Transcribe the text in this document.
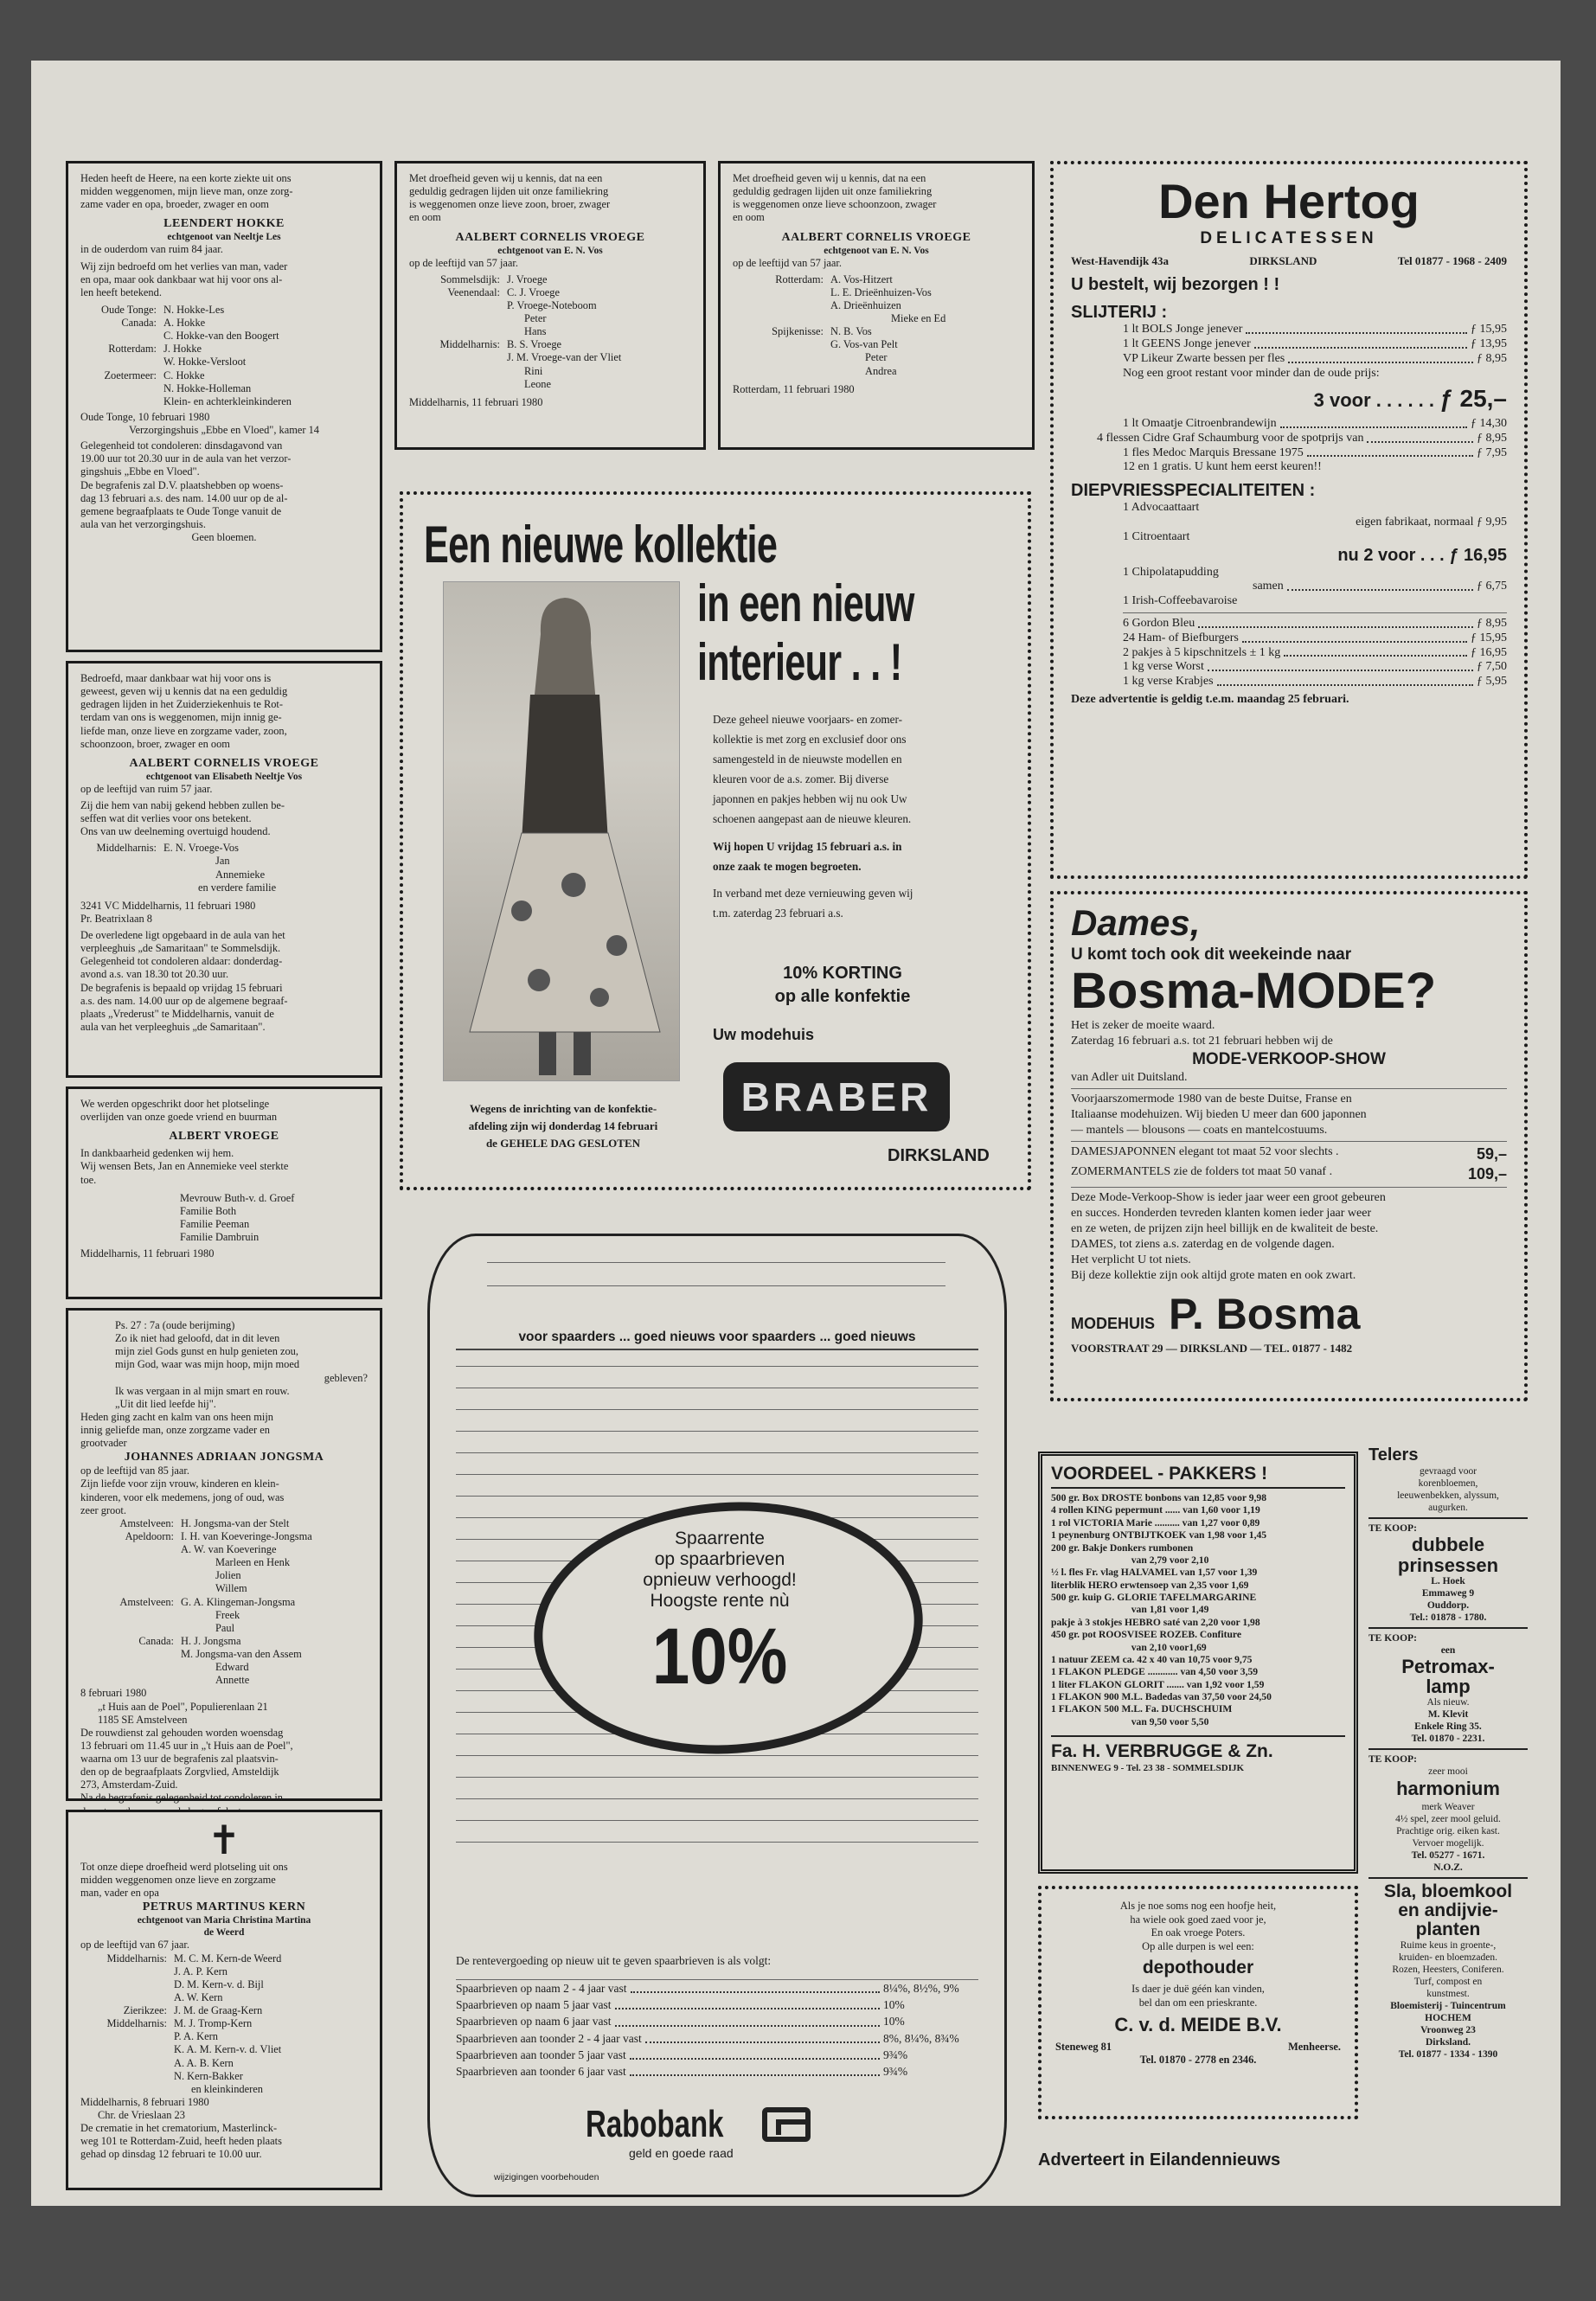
Heden heeft de Heere, na een korte ziekte uit ons
midden weggenomen, mijn lieve man, onze zorg-
zame vader en opa, broeder, zwager en oom
LEENDERT HOKKE
echtgenoot van Neeltje Les
in de ouderdom van ruim 84 jaar.
Wij zijn bedroefd om het verlies van man, vader
en opa, maar ook dankbaar wat hij voor ons al-
len heeft betekend.
Oude Tonge: N. Hokke-Les
Canada: A. Hokke
C. Hokke-van den Boogert
Rotterdam: J. Hokke
W. Hokke-Versloot
Zoetermeer: C. Hokke
N. Hokke-Holleman
Klein- en achterkleinkinderen
Oude Tonge, 10 februari 1980
Verzorgingshuis „Ebbe en Vloed", kamer 14
Gelegenheid tot condoleren: dinsdagavond van
19.00 uur tot 20.30 uur in de aula van het verzor-
gingshuis „Ebbe en Vloed".
De begrafenis zal D.V. plaatshebben op woens-
dag 13 februari a.s. des nam. 14.00 uur op de al-
gemene begraafplaats te Oude Tonge vanuit de
aula van het verzorgingshuis.
Geen bloemen.
Bedroefd, maar dankbaar wat hij voor ons is
geweest, geven wij u kennis dat na een geduldig
gedragen lijden in het Zuiderziekenhuis te Rot-
terdam van ons is weggenomen, mijn innig ge-
liefde man, onze lieve en zorgzame vader, zoon,
schoonzoon, broer, zwager en oom
AALBERT CORNELIS VROEGE
echtgenoot van Elisabeth Neeltje Vos
op de leeftijd van ruim 57 jaar.
Zij die hem van nabij gekend hebben zullen be-
seffen wat dit verlies voor ons betekent.
Ons van uw deelneming overtuigd houdend.
Middelharnis: E. N. Vroege-Vos
Jan
Annemieke
en verdere familie
3241 VC Middelharnis, 11 februari 1980
Pr. Beatrixlaan 8
De overledene ligt opgebaard in de aula van het
verpleeghuis „de Samaritaan" te Sommelsdijk.
Gelegenheid tot condoleren aldaar: donderdag-
avond a.s. van 18.30 tot 20.30 uur.
De begrafenis is bepaald op vrijdag 15 februari
a.s. des nam. 14.00 uur op de algemene begraaf-
plaats „Vrederust" te Middelharnis, vanuit de
aula van het verpleeghuis „de Samaritaan".
We werden opgeschrikt door het plotselinge
overlijden van onze goede vriend en buurman
ALBERT VROEGE
In dankbaarheid gedenken wij hem.
Wij wensen Bets, Jan en Annemieke veel sterkte
toe.
Mevrouw Buth-v. d. Groef
Familie Both
Familie Peeman
Familie Dambruin
Middelharnis, 11 februari 1980
Ps. 27 : 7a (oude berijming)
Zo ik niet had geloofd, dat in dit leven
mijn ziel Gods gunst en hulp genieten zou,
mijn God, waar was mijn hoop, mijn moed
gebleven?
Ik was vergaan in al mijn smart en rouw.
„Uit dit lied leefde hij".
Heden ging zacht en kalm van ons heen mijn
innig geliefde man, onze zorgzame vader en
grootvader
JOHANNES ADRIAAN JONGSMA
op de leeftijd van 85 jaar.
Zijn liefde voor zijn vrouw, kinderen en klein-
kinderen, voor elk medemens, jong of oud, was
zeer groot.
Amstelveen: H. Jongsma-van der Stelt
Apeldoorn: I. H. van Koeveringe-Jongsma
A. W. van Koeveringe
Marleen en Henk
Jolien
Willem
Amstelveen: G. A. Klingeman-Jongsma
Freek
Paul
Canada: H. J. Jongsma
M. Jongsma-van den Assem
Edward
Annette
8 februari 1980
„t Huis aan de Poel", Populierenlaan 21
1185 SE Amstelveen
De rouwdienst zal gehouden worden woensdag
13 februari om 11.45 uur in „'t Huis aan de Poel",
waarna om 13 uur de begrafenis zal plaatsvin-
den op de begraafplaats Zorgvlied, Amsteldijk
273, Amsterdam-Zuid.
Na de begrafenis gelegenheid tot condoleren in
✝
Tot onze diepe droefheid werd plotseling uit ons
midden weggenomen onze lieve en zorgzame
man, vader en opa
PETRUS MARTINUS KERN
echtgenoot van Maria Christina Martina
de Weerd
op de leeftijd van 67 jaar.
Middelharnis: M. C. M. Kern-de Weerd
J. A. P. Kern
D. M. Kern-v. d. Bijl
A. W. Kern
Zierikzee: J. M. de Graag-Kern
Middelharnis: M. J. Tromp-Kern
P. A. Kern
K. A. M. Kern-v. d. Vliet
A. A. B. Kern
N. Kern-Bakker
en kleinkinderen
Middelharnis, 8 februari 1980
Chr. de Vrieslaan 23
De crematie in het crematorium, Masterlinck-
weg 101 te Rotterdam-Zuid, heeft heden plaats
gehad op dinsdag 12 februari te 10.00 uur.
Met droefheid geven wij u kennis, dat na een
geduldig gedragen lijden uit onze familiekring
is weggenomen onze lieve zoon, broer, zwager
en oom
AALBERT CORNELIS VROEGE
echtgenoot van E. N. Vos
op de leeftijd van 57 jaar.
Sommelsdijk: J. Vroege
Veenendaal: C. J. Vroege
P. Vroege-Noteboom
Peter
Hans
Middelharnis: B. S. Vroege
J. M. Vroege-van der Vliet
Rini
Leone
Middelharnis, 11 februari 1980
Met droefheid geven wij u kennis, dat na een
geduldig gedragen lijden uit onze familiekring
is weggenomen onze lieve schoonzoon, zwager
en oom
AALBERT CORNELIS VROEGE
echtgenoot van E. N. Vos
op de leeftijd van 57 jaar.
Rotterdam: A. Vos-Hitzert
L. E. Drieënhuizen-Vos
A. Drieënhuizen
Mieke en Ed
Spijkenisse: N. B. Vos
G. Vos-van Pelt
Peter
Andrea
Rotterdam, 11 februari 1980
Een nieuwe kollektie
in een nieuw
interieur . . !
Wegens de inrichting van de konfektie-
afdeling zijn wij donderdag 14 februari
de GEHELE DAG GESLOTEN
Deze geheel nieuwe voorjaars- en zomer-
kollektie is met zorg en exclusief door ons
samengesteld in de nieuwste modellen en
kleuren voor de a.s. zomer. Bij diverse
japonnen en pakjes hebben wij nu ook Uw
schoenen aangepast aan de nieuwe kleuren.
Wij hopen U vrijdag 15 februari a.s. in
onze zaak te mogen begroeten.
In verband met deze vernieuwing geven wij
t.m. zaterdag 23 februari a.s.
10% KORTING
op alle konfektie
Uw modehuis
BRABER
DIRKSLAND
voor spaarders ... goed nieuws voor spaarders ... goed nieuws
Spaarrente
op spaarbrieven
opnieuw verhoogd!
Hoogste rente nù
10%
De rentevergoeding op nieuw uit te geven spaarbrieven is als volgt:
Spaarbrieven op naam 2 - 4 jaar vast	8¼%, 8½%, 9%
Spaarbrieven op naam 5 jaar vast	10%
Spaarbrieven op naam 6 jaar vast	10%
Spaarbrieven aan toonder 2 - 4 jaar vast	8%, 8¼%, 8¾%
Spaarbrieven aan toonder 5 jaar vast	9¾%
Spaarbrieven aan toonder 6 jaar vast	9¾%
Rabobank
geld en goede raad
wijzigingen voorbehouden
Den Hertog
DELICATESSEN
West-Havendijk 43a	DIRKSLAND	Tel 01877 - 1968 - 2409
U bestelt, wij bezorgen ! !
SLIJTERIJ :
1 lt BOLS Jonge jenever	ƒ 15,95
1 lt GEENS Jonge jenever	ƒ 13,95
VP Likeur Zwarte bessen per fles	ƒ 8,95
Nog een groot restant voor minder dan de oude prijs:
3 voor . . . . . . ƒ 25,–
1 lt Omaatje Citroenbrandewijn	ƒ 14,30
4 flessen Cidre Graf Schaumburg voor de spotprijs van	ƒ 8,95
1 fles Medoc Marquis Bressane 1975	ƒ 7,95
12 en 1 gratis. U kunt hem eerst keuren!!
DIEPVRIESSPECIALITEITEN :
1 Advocaattaart
eigen fabrikaat, normaal ƒ 9,95
1 Citroentaart
nu 2 voor . . . ƒ 16,95
1 Chipolatapudding
samen	ƒ 6,75
1 Irish-Coffeebavaroise
6 Gordon Bleu	ƒ 8,95
24 Ham- of Biefburgers	ƒ 15,95
2 pakjes à 5 kipschnitzels ± 1 kg	ƒ 16,95
1 kg verse Worst	ƒ 7,50
1 kg verse Krabjes	ƒ 5,95
Deze advertentie is geldig t.e.m. maandag 25 februari.
Dames,
U komt toch ook dit weekeinde naar
Bosma-MODE?
Het is zeker de moeite waard.
Zaterdag 16 februari a.s. tot 21 februari hebben wij de
MODE-VERKOOP-SHOW
van Adler uit Duitsland.
Voorjaarszomermode 1980 van de beste Duitse, Franse en
Italiaanse modehuizen. Wij bieden U meer dan 600 japonnen
— mantels — blousons — coats en mantelcostuums.
DAMESJAPONNEN elegant tot maat 52 voor slechts .	59,–
ZOMERMANTELS zie de folders tot maat 50 vanaf .	109,–
Deze Mode-Verkoop-Show is ieder jaar weer een groot gebeuren
en succes. Honderden tevreden klanten komen ieder jaar weer
en ze weten, de prijzen zijn heel billijk en de kwaliteit de beste.
DAMES, tot ziens a.s. zaterdag en de volgende dagen.
Het verplicht U tot niets.
Bij deze kollektie zijn ook altijd grote maten en ook zwart.
MODEHUIS P. Bosma
VOORSTRAAT 29 — DIRKSLAND — TEL. 01877 - 1482
VOORDEEL - PAKKERS !
500 gr. Box DROSTE bonbons van 12,85 voor 9,98
4 rollen KING pepermunt ...... van 1,60 voor 1,19
1 rol VICTORIA Marie .......... van 1,27 voor 0,89
1 peynenburg ONTBIJTKOEK van 1,98 voor 1,45
200 gr. Bakje Donkers rumbonen
van 2,79 voor 2,10
½ l. fles Fr. vlag HALVAMEL van 1,57 voor 1,39
literblik HERO erwtensoep van 2,35 voor 1,69
500 gr. kuip G. GLORIE TAFELMARGARINE
van 1,81 voor 1,49
pakje à 3 stokjes HEBRO saté van 2,20 voor 1,98
450 gr. pot ROOSVISEE ROZEB. Confiture
van 2,10 voor1,69
1 natuur ZEEM ca. 42 x 40 van 10,75 voor 9,75
1 FLAKON PLEDGE ............ van 4,50 voor 3,59
1 liter FLAKON GLORIT ....... van 1,92 voor 1,59
1 FLAKON 900 M.L. Badedas van 37,50 voor 24,50
1 FLAKON 500 M.L. Fa. DUCHSCHUIM
van 9,50 voor 5,50
Fa. H. VERBRUGGE & Zn.
BINNENWEG 9 - Tel. 23 38 - SOMMELSDIJK
Als je noe soms nog een hoofje heit,
ha wiele ook goed zaed voor je,
En oak vroege Poters.
Op alle durpen is wel een:
depothouder
Is daer je duë géén kan vinden,
bel dan om een prieskrante.
C. v. d. MEIDE B.V.
Steneweg 81	Menheerse.
Tel. 01870 - 2778 en 2346.
Adverteert in Eilandennieuws
Telers
gevraagd voor
korenbloemen,
leeuwenbekken, alyssum,
augurken.
TE KOOP:
dubbele
prinsessen
L. Hoek
Emmaweg 9
Ouddorp.
Tel.: 01878 - 1780.
TE KOOP:
een
Petromax-
lamp
Als nieuw.
M. Klevit
Enkele Ring 35.
Tel. 01870 - 2231.
TE KOOP:
zeer mooi
harmonium
merk Weaver
4½ spel, zeer mool geluid.
Prachtige orig. eiken kast.
Vervoer mogelijk.
Tel. 05277 - 1671.
N.O.Z.
Sla, bloemkool
en andijvie-
planten
Ruime keus in groente-,
kruiden- en bloemzaden.
Rozen, Heesters, Coniferen.
Turf, compost en
kunstmest.
Bloemisterij - Tuincentrum
HOCHEM
Vroonweg 23
Dirksland.
Tel. 01877 - 1334 - 1390
